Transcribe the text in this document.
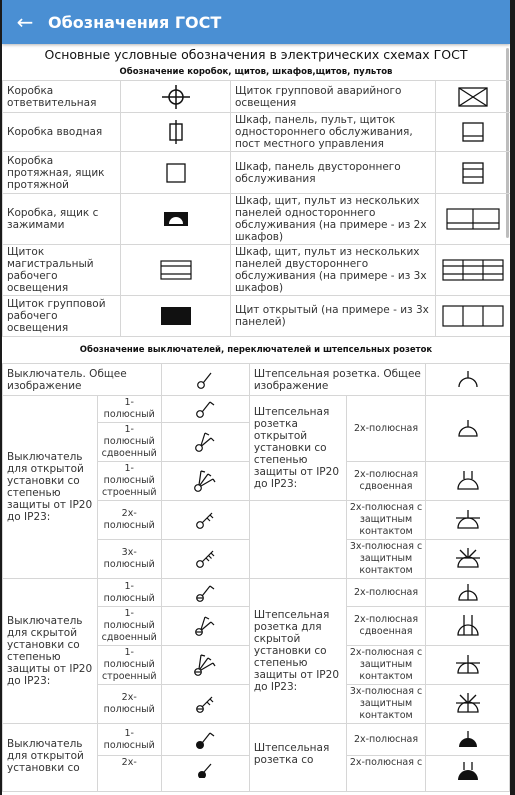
← Обозначения ГОСТ
Основные условные обозначения в электрических схемах ГОСТ
Обозначение коробок, щитов, шкафов,щитов, пультов
Коробка ответвительная		Щиток групповой аварийного освещения	

Коробка вводная		Шкаф, панель, пульт, щиток одностороннего обслуживания, пост местного управления	

Коробка протяжная, ящик протяжной		Шкаф, панель двустороннего обслуживания	

Коробка, ящик с зажимами		Шкаф, щит, пульт из нескольких панелей одностороннего обслуживания (на примере - из 2х шкафов)	

Щиток магистральный рабочего освещения		Шкаф, щит, пульт из нескольких панелей двустороннего обслуживания (на примере - из 3х шкафов)	

Щиток групповой рабочего освещения		Щит открытый (на примере - из 3х панелей)	
Обозначение выключателей, переключателей и штепсельных розеток
Выключатель. Общее изображение			Штепсельная розетка. Общее изображение	

Выключатель для открытой установки со степенью защиты от IP20 до IP23:	1-полюсный		Штепсельная розетка открытой установки со степенью защиты от IP20 до IP23:	2х-полюсная	

	1-полюсный сдвоенный	

	1-полюсный строенный			2х-полюсная сдвоенная	

	2х-полюсный			2х-полюсная с защитным контактом	

	3х-полюсный			3х-полюсная с защитным контактом	

Выключатель для скрытой установки со степенью защиты от IP20 до IP23:	1-полюсный		Штепсельная розетка для скрытой установки со степенью защиты от IP20 до IP23:	2х-полюсная	

	1-полюсный сдвоенный			2х-полюсная сдвоенная	

	1-полюсный строенный			2х-полюсная с защитным контактом	

	2х-полюсный			3х-полюсная с защитным контактом	

Выключатель для открытой установки со	1-полюсный		Штепсельная розетка со	2х-полюсная	

	2х-			2х-полюсная с	
